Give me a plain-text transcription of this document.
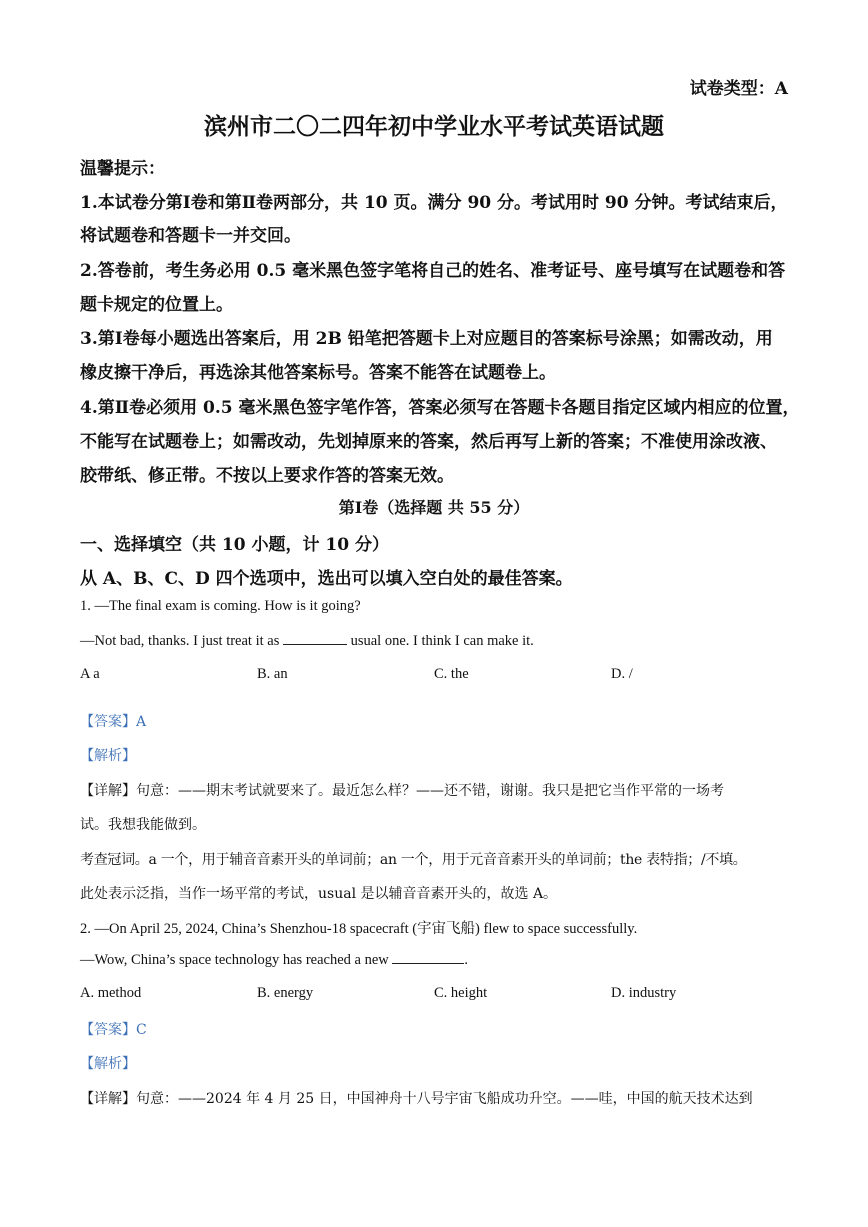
试卷类型：A
滨州市二〇二四年初中学业水平考试英语试题
温馨提示：
1.本试卷分第Ⅰ卷和第Ⅱ卷两部分，共 10 页。满分 90 分。考试用时 90 分钟。考试结束后，
将试题卷和答题卡一并交回。
2.答卷前，考生务必用 0.5 毫米黑色签字笔将自己的姓名、准考证号、座号填写在试题卷和答
题卡规定的位置上。
3.第Ⅰ卷每小题选出答案后，用 2B 铅笔把答题卡上对应题目的答案标号涂黑；如需改动，用
橡皮擦干净后，再选涂其他答案标号。答案不能答在试题卷上。
4.第Ⅱ卷必须用 0.5 毫米黑色签字笔作答，答案必须写在答题卡各题目指定区域内相应的位置，
不能写在试题卷上；如需改动，先划掉原来的答案，然后再写上新的答案；不准使用涂改液、
胶带纸、修正带。不按以上要求作答的答案无效。
第Ⅰ卷（选择题 共 55 分）
一、选择填空（共 10 小题，计 10 分）
从 A、B、C、D 四个选项中，选出可以填入空白处的最佳答案。
1. —The final exam is coming. How is it going?
—Not bad, thanks. I just treat it as	usual one. I think I can make it.
A a	B. an	C. the	D. /
【答案】A
【解析】
【详解】句意：——期末考试就要来了。最近怎么样？——还不错，谢谢。我只是把它当作平常的一场考
试。我想我能做到。
考查冠词。a 一个，用于辅音音素开头的单词前；an 一个，用于元音音素开头的单词前；the 表特指；/不填。
此处表示泛指，当作一场平常的考试，usual 是以辅音音素开头的，故选 A。
2. —On April 25, 2024, China’s Shenzhou-18 spacecraft (宇宙飞船) flew to space successfully.
—Wow, China’s space technology has reached a new	.
A. method	B. energy	C. height	D. industry
【答案】C
【解析】
【详解】句意：——2024 年 4 月 25 日，中国神舟十八号宇宙飞船成功升空。——哇，中国的航天技术达到
